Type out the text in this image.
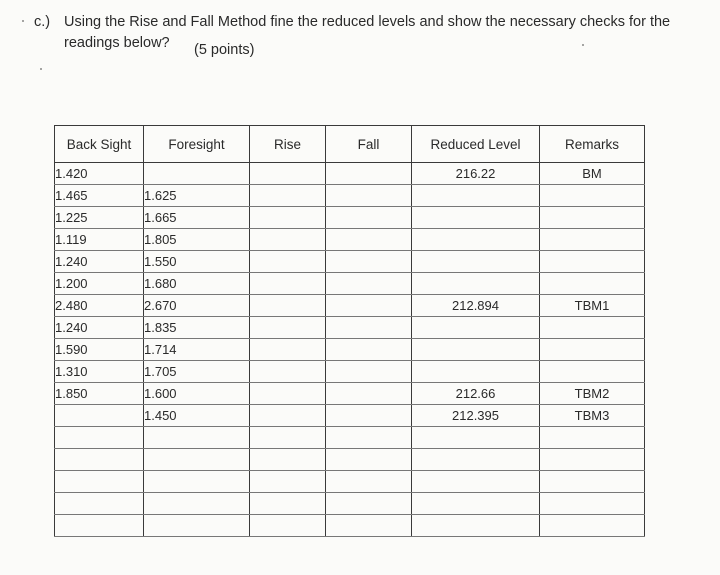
c.) Using the Rise and Fall Method fine the reduced levels and show the necessary checks for the
readings below? (5 points)
Back Sight	Foresight	Rise	Fall	Reduced Level	Remarks
1.420				216.22	BM
1.465	1.625				
1.225	1.665				
1.119	1.805				
1.240	1.550				
1.200	1.680				
2.480	2.670			212.894	TBM1
1.240	1.835				
1.590	1.714				
1.310	1.705				
1.850	1.600			212.66	TBM2
	1.450			212.395	TBM3
